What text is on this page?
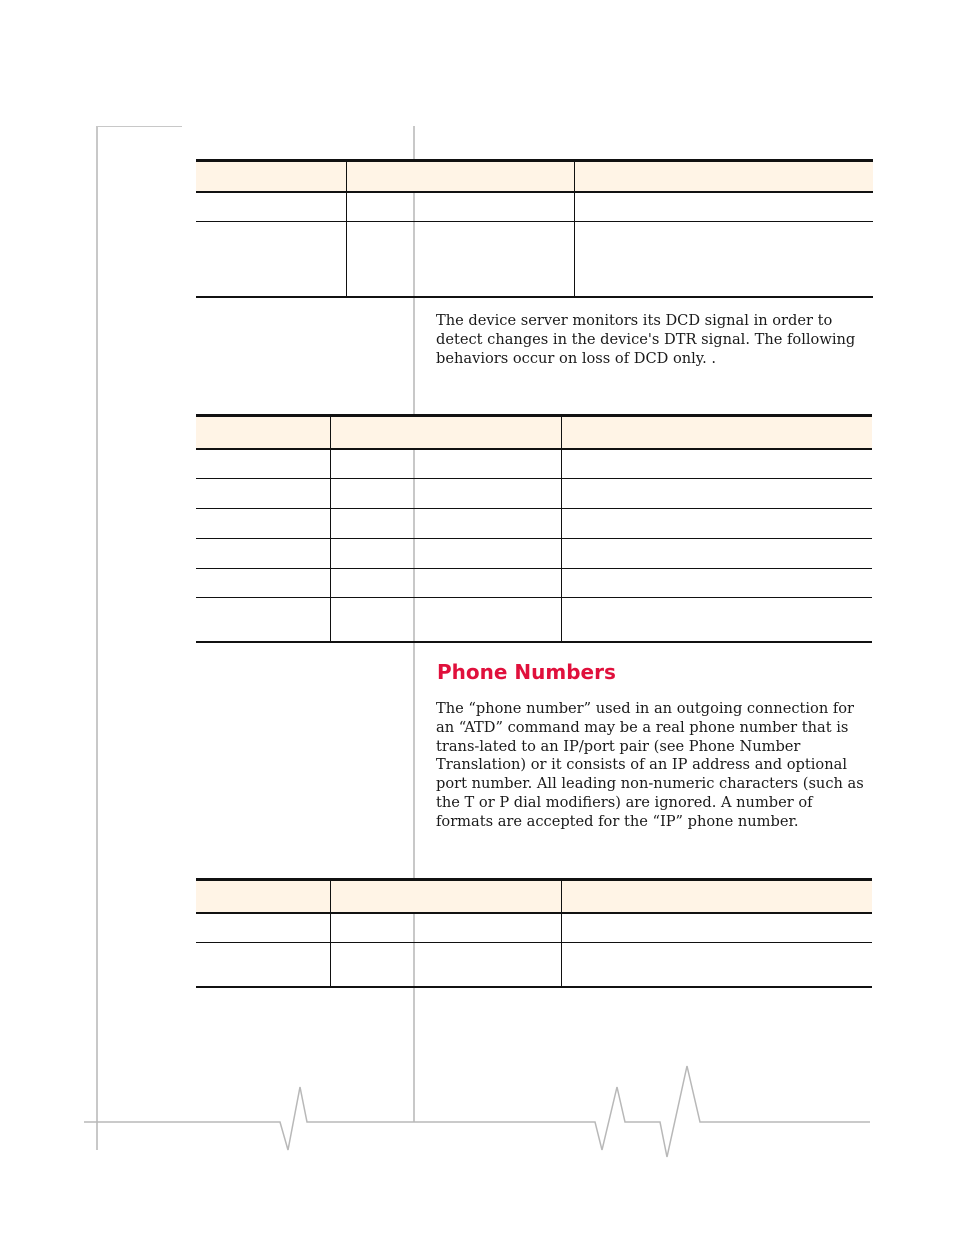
The device server monitors its DCD signal in order to detect changes in the device's DTR signal. The following behaviors occur on loss of DCD only. .

Phone Numbers

The “phone number” used in an outgoing connection for an “ATD” command may be a real phone number that is trans-lated to an IP/port pair (see Phone Number Translation) or it consists of an IP address and optional port number. All leading non-numeric characters (such as the T or P dial modifiers) are ignored. A number of formats are accepted for the “IP” phone number.
